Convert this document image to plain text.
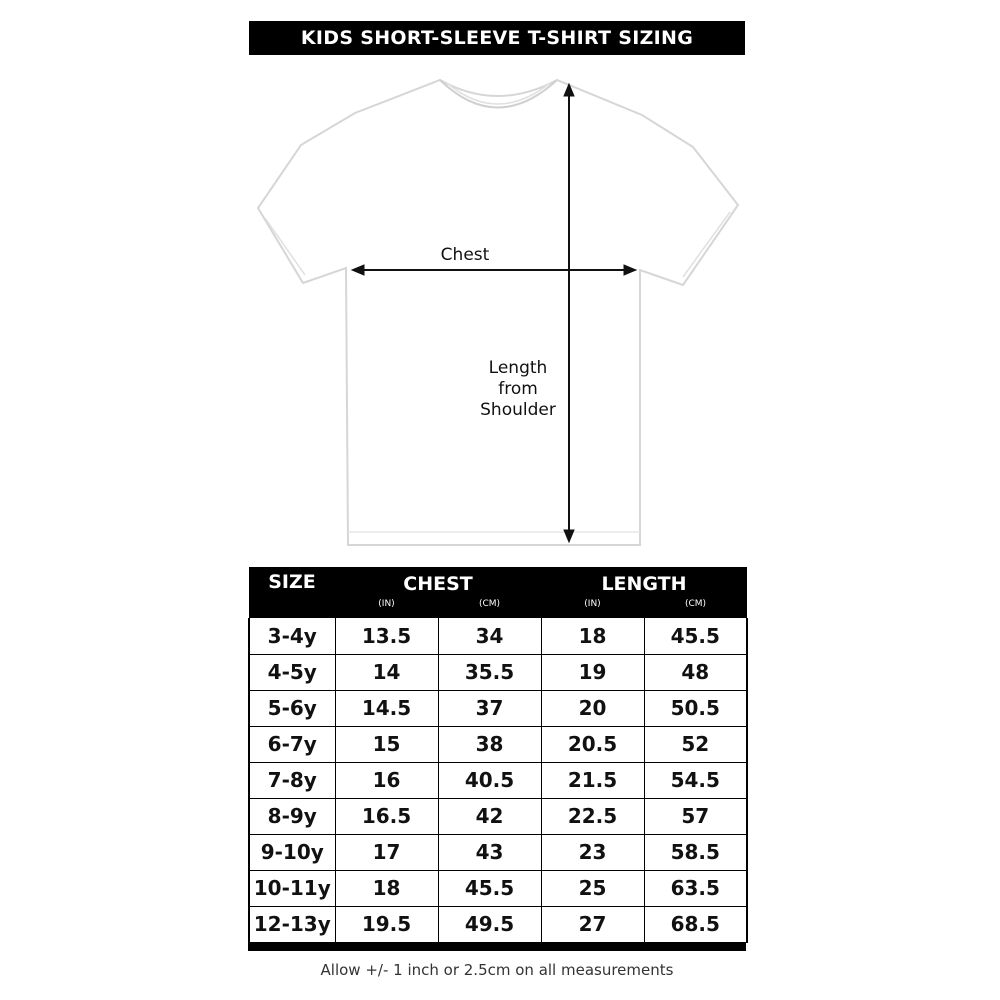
KIDS SHORT-SLEEVE T-SHIRT SIZING
Chest
Length from Shoulder
SIZE	CHEST		LENGTH	
	(IN)	(CM)	(IN)	(CM)
3-4y	13.5	34	18	45.5
4-5y	14	35.5	19	48
5-6y	14.5	37	20	50.5
6-7y	15	38	20.5	52
7-8y	16	40.5	21.5	54.5
8-9y	16.5	42	22.5	57
9-10y	17	43	23	58.5
10-11y	18	45.5	25	63.5
12-13y	19.5	49.5	27	68.5
Allow +/- 1 inch or 2.5cm on all measurements
